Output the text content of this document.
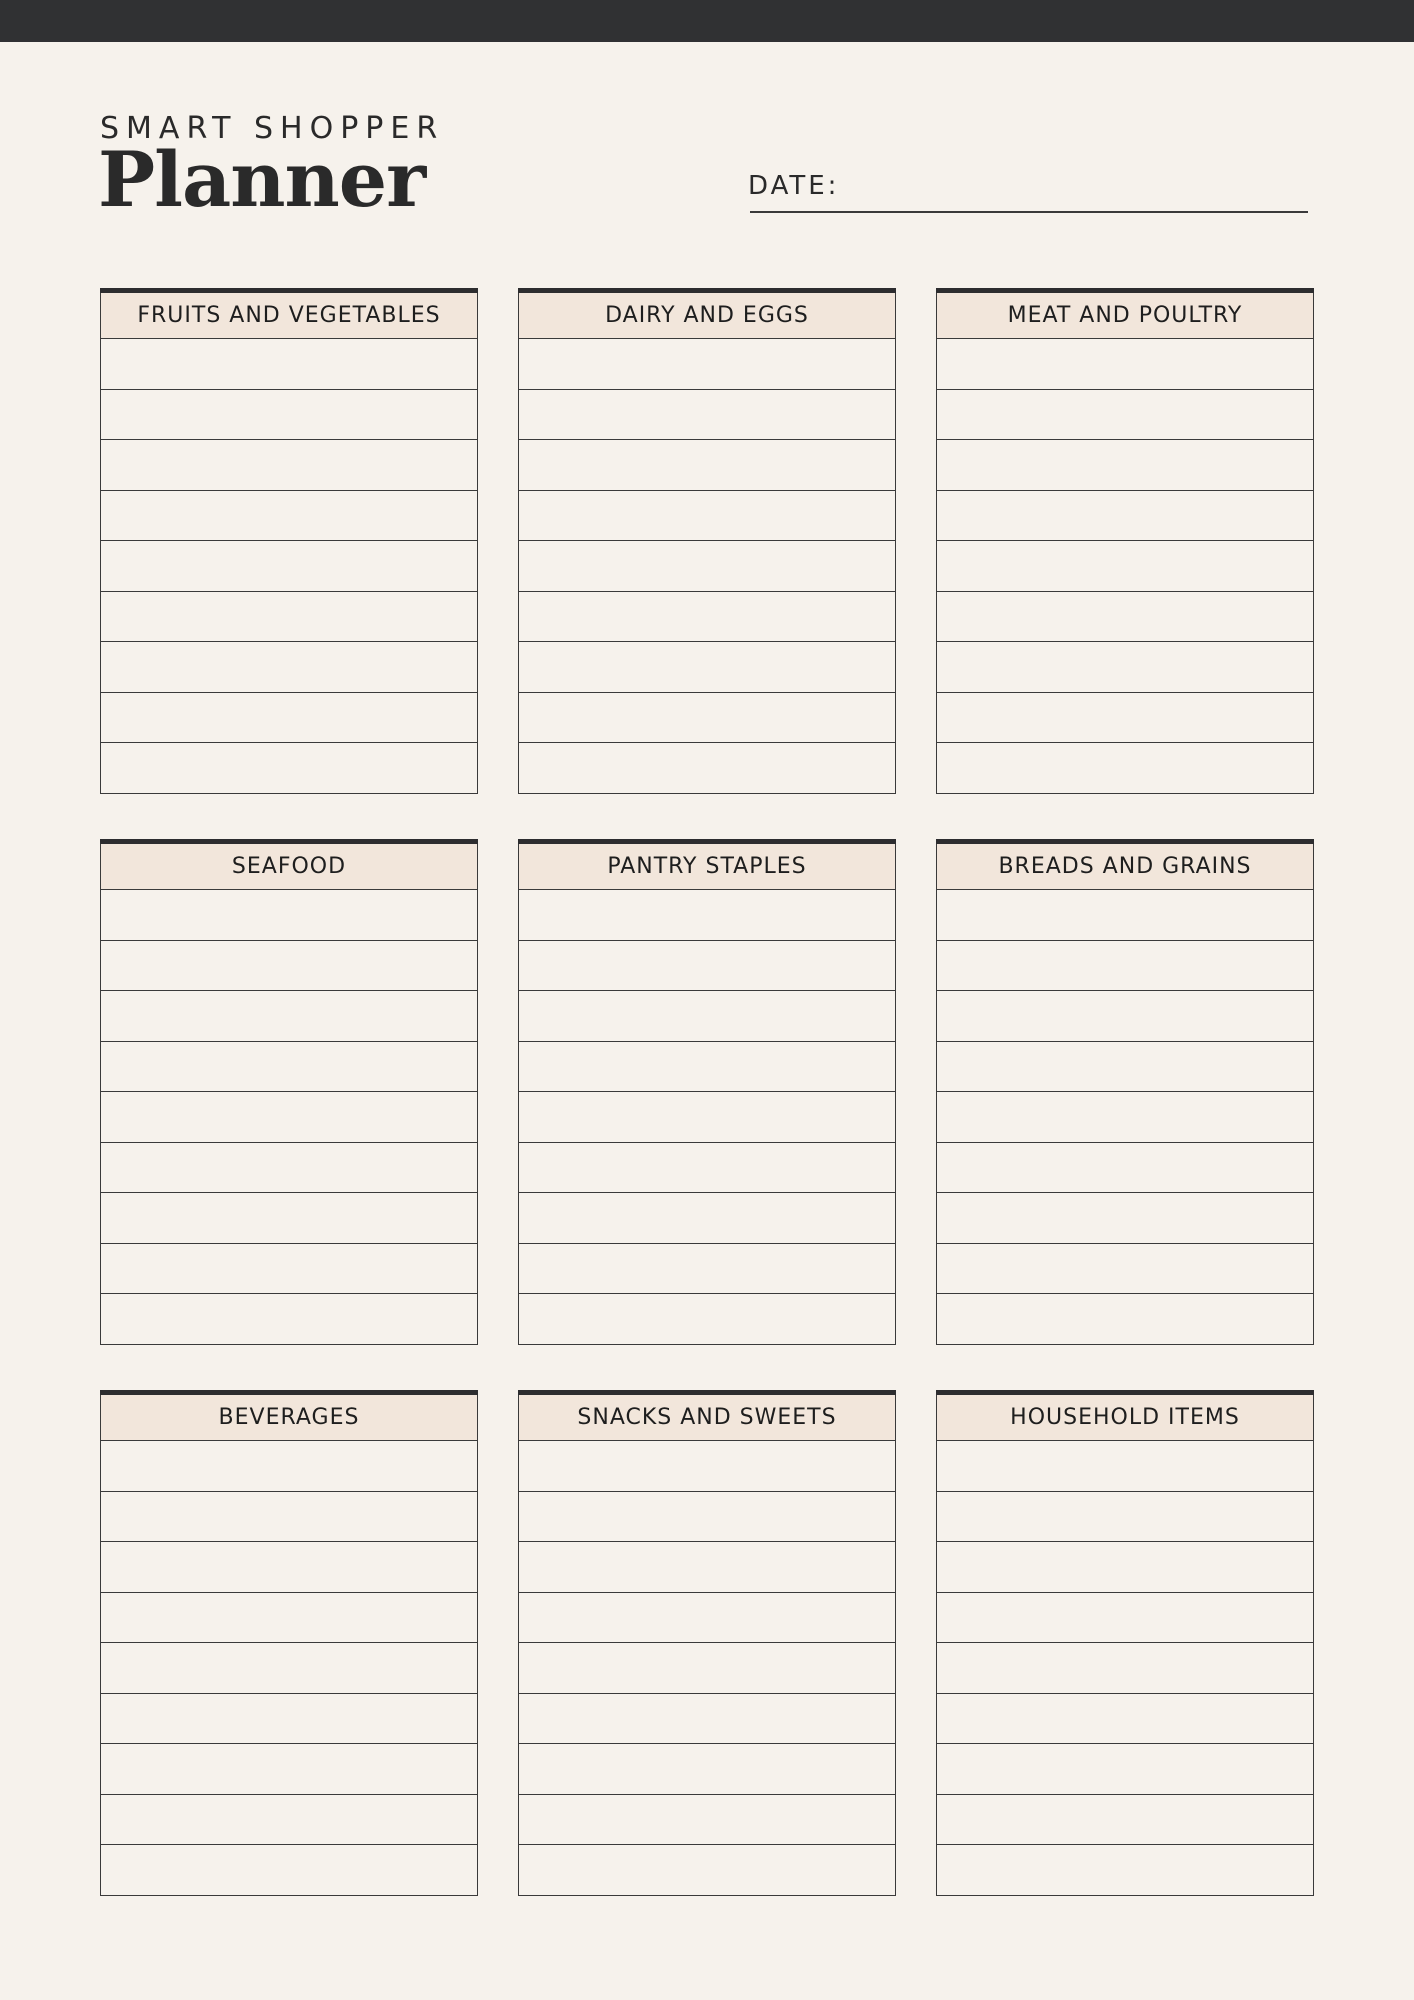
SMART SHOPPER

Planner	DATE:
FRUITS AND VEGETABLES	DAIRY AND EGGS	MEAT AND POULTRY
SEAFOOD	PANTRY STAPLES	BREADS AND GRAINS
BEVERAGES	SNACKS AND SWEETS	HOUSEHOLD ITEMS
